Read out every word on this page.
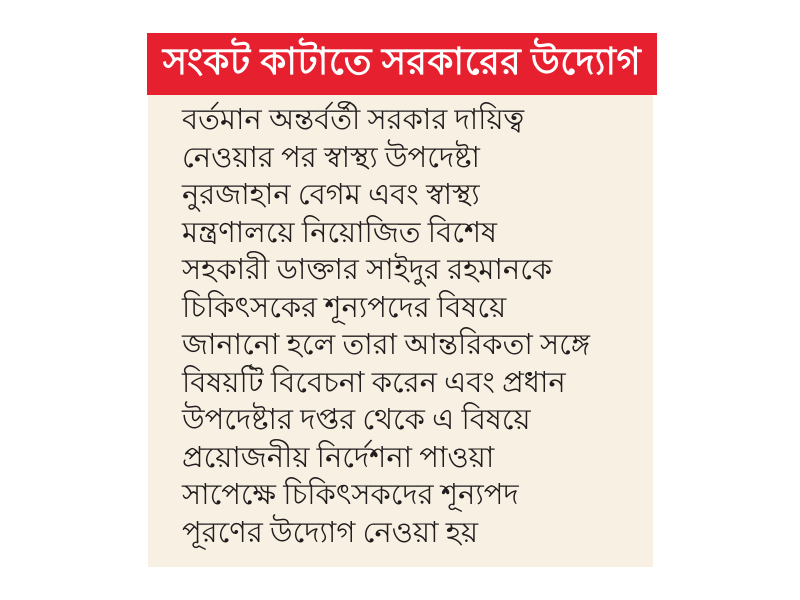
সংকট কাটাতে সরকারের উদ্যোগ
বর্তমান অন্তর্বর্তী সরকার দায়িত্ব
নেওয়ার পর স্বাস্থ্য উপদেষ্টা
নুরজাহান বেগম এবং স্বাস্থ্য
মন্ত্রণালয়ে নিয়োজিত বিশেষ
সহকারী ডাক্তার সাইদুর রহমানকে
চিকিৎসকের শূন্যপদের বিষয়ে
জানানো হলে তারা আন্তরিকতা সঙ্গে
বিষয়টি বিবেচনা করেন এবং প্রধান
উপদেষ্টার দপ্তর থেকে এ বিষয়ে
প্রয়োজনীয় নির্দেশনা পাওয়া
সাপেক্ষে চিকিৎসকদের শূন্যপদ
পূরণের উদ্যোগ নেওয়া হয়
